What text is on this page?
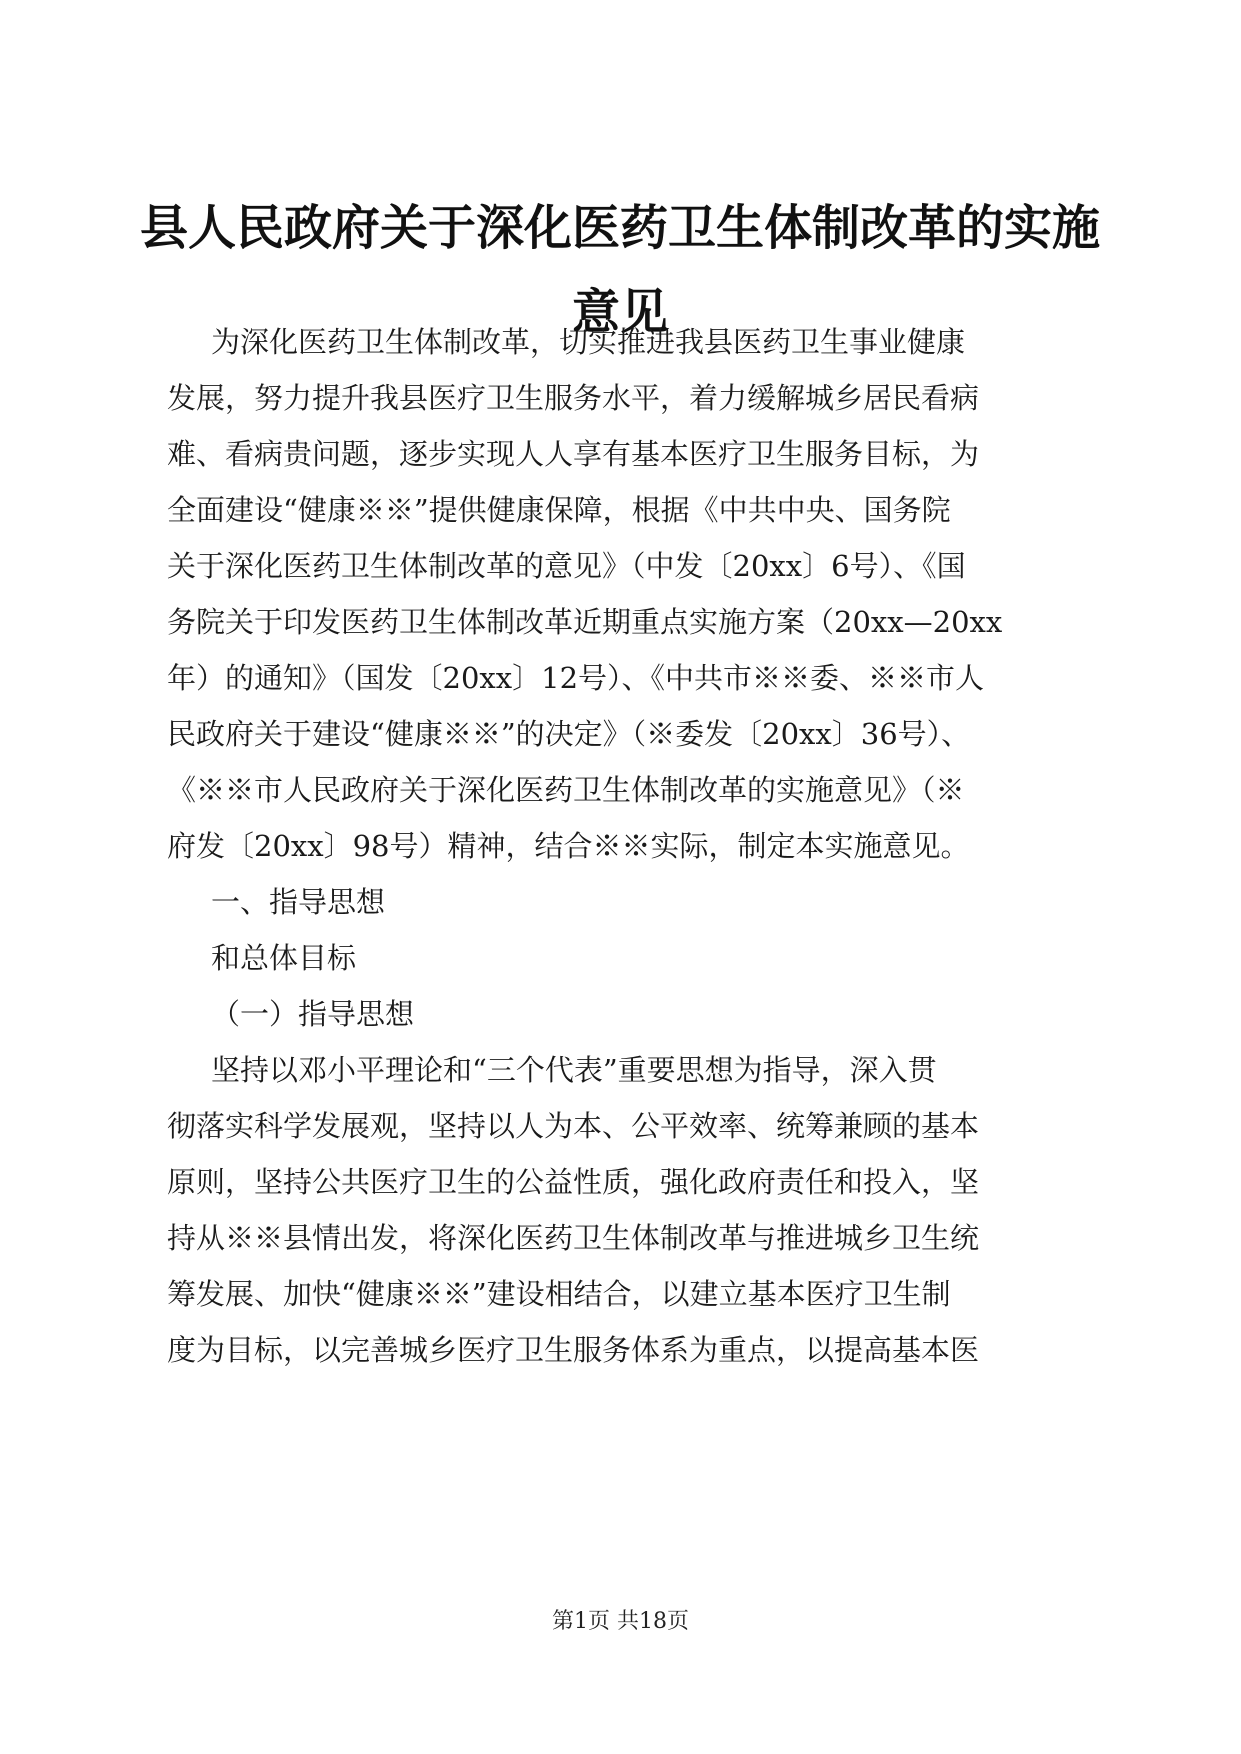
县人民政府关于深化医药卫生体制改革的实施
意见
为深化医药卫生体制改革，切实推进我县医药卫生事业健康
发展，努力提升我县医疗卫生服务水平，着力缓解城乡居民看病
难、看病贵问题，逐步实现人人享有基本医疗卫生服务目标，为
全面建设“健康※※”提供健康保障，根据《中共中央、国务院
关于深化医药卫生体制改革的意见》（中发〔20xx〕6号）、《国
务院关于印发医药卫生体制改革近期重点实施方案（20xx—20xx
年）的通知》（国发〔20xx〕12号）、《中共市※※委、※※市人
民政府关于建设“健康※※”的决定》（※委发〔20xx〕36号）、
《※※市人民政府关于深化医药卫生体制改革的实施意见》（※
府发〔20xx〕98号）精神，结合※※实际，制定本实施意见。
一、指导思想
和总体目标
（一）指导思想
坚持以邓小平理论和“三个代表”重要思想为指导，深入贯
彻落实科学发展观，坚持以人为本、公平效率、统筹兼顾的基本
原则，坚持公共医疗卫生的公益性质，强化政府责任和投入，坚
持从※※县情出发，将深化医药卫生体制改革与推进城乡卫生统
筹发展、加快“健康※※”建设相结合，以建立基本医疗卫生制
度为目标，以完善城乡医疗卫生服务体系为重点，以提高基本医
第1页 共18页
